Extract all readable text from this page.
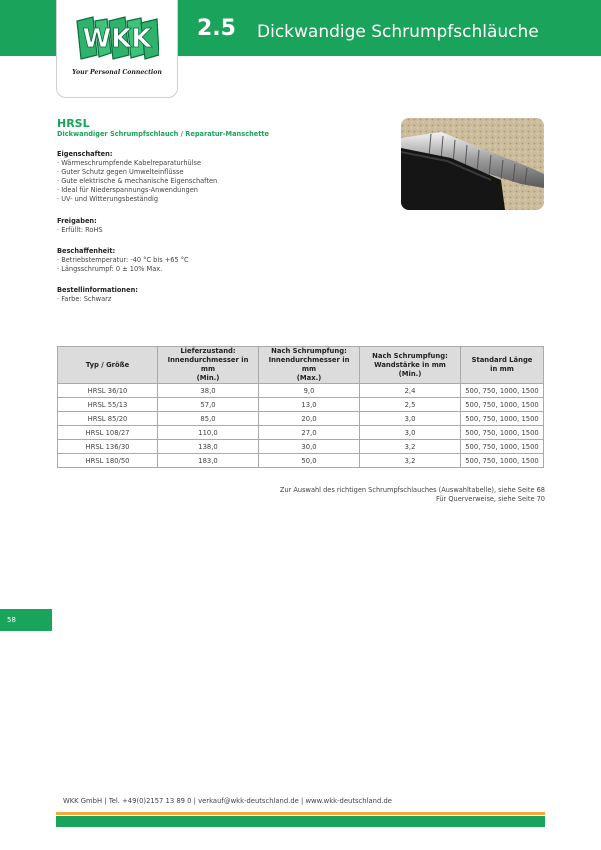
WKK
Your Personal Connection
2.5 Dickwandige Schrumpfschläuche
HRSL
Dickwandiger Schrumpfschlauch / Reparatur-Manschette
Eigenschaften:
· Wärmeschrumpfende Kabelreparaturhülse
· Guter Schutz gegen Umwelteinflüsse
· Gute elektrische & mechanische Eigenschaften
· Ideal für Niederspannungs-Anwendungen
· UV- und Witterungsbeständig
Freigaben:
· Erfüllt: RoHS
Beschaffenheit:
· Betriebstemperatur: -40 °C bis +65 °C
· Längsschrumpf: 0 ± 10% Max.
Bestellinformationen:
· Farbe: Schwarz
Typ / Größe	Lieferzustand:
Innendurchmesser in mm
(Min.)	Nach Schrumpfung:
Innendurchmesser in mm
(Max.)	Nach Schrumpfung:
Wandstärke in mm
(Min.)	Standard Länge
in mm
HRSL 36/10	38,0	9,0	2,4	500, 750, 1000, 1500
HRSL 55/13	57,0	13,0	2,5	500, 750, 1000, 1500
HRSL 85/20	85,0	20,0	3,0	500, 750, 1000, 1500
HRSL 108/27	110,0	27,0	3,0	500, 750, 1000, 1500
HRSL 136/30	138,0	30,0	3,2	500, 750, 1000, 1500
HRSL 180/50	183,0	50,0	3,2	500, 750, 1000, 1500
Zur Auswahl des richtigen Schrumpfschlauches (Auswahltabelle), siehe Seite 68
Für Querverweise, siehe Seite 70
58
WKK GmbH | Tel. +49(0)2157 13 89 0 | verkauf@wkk-deutschland.de | www.wkk-deutschland.de
